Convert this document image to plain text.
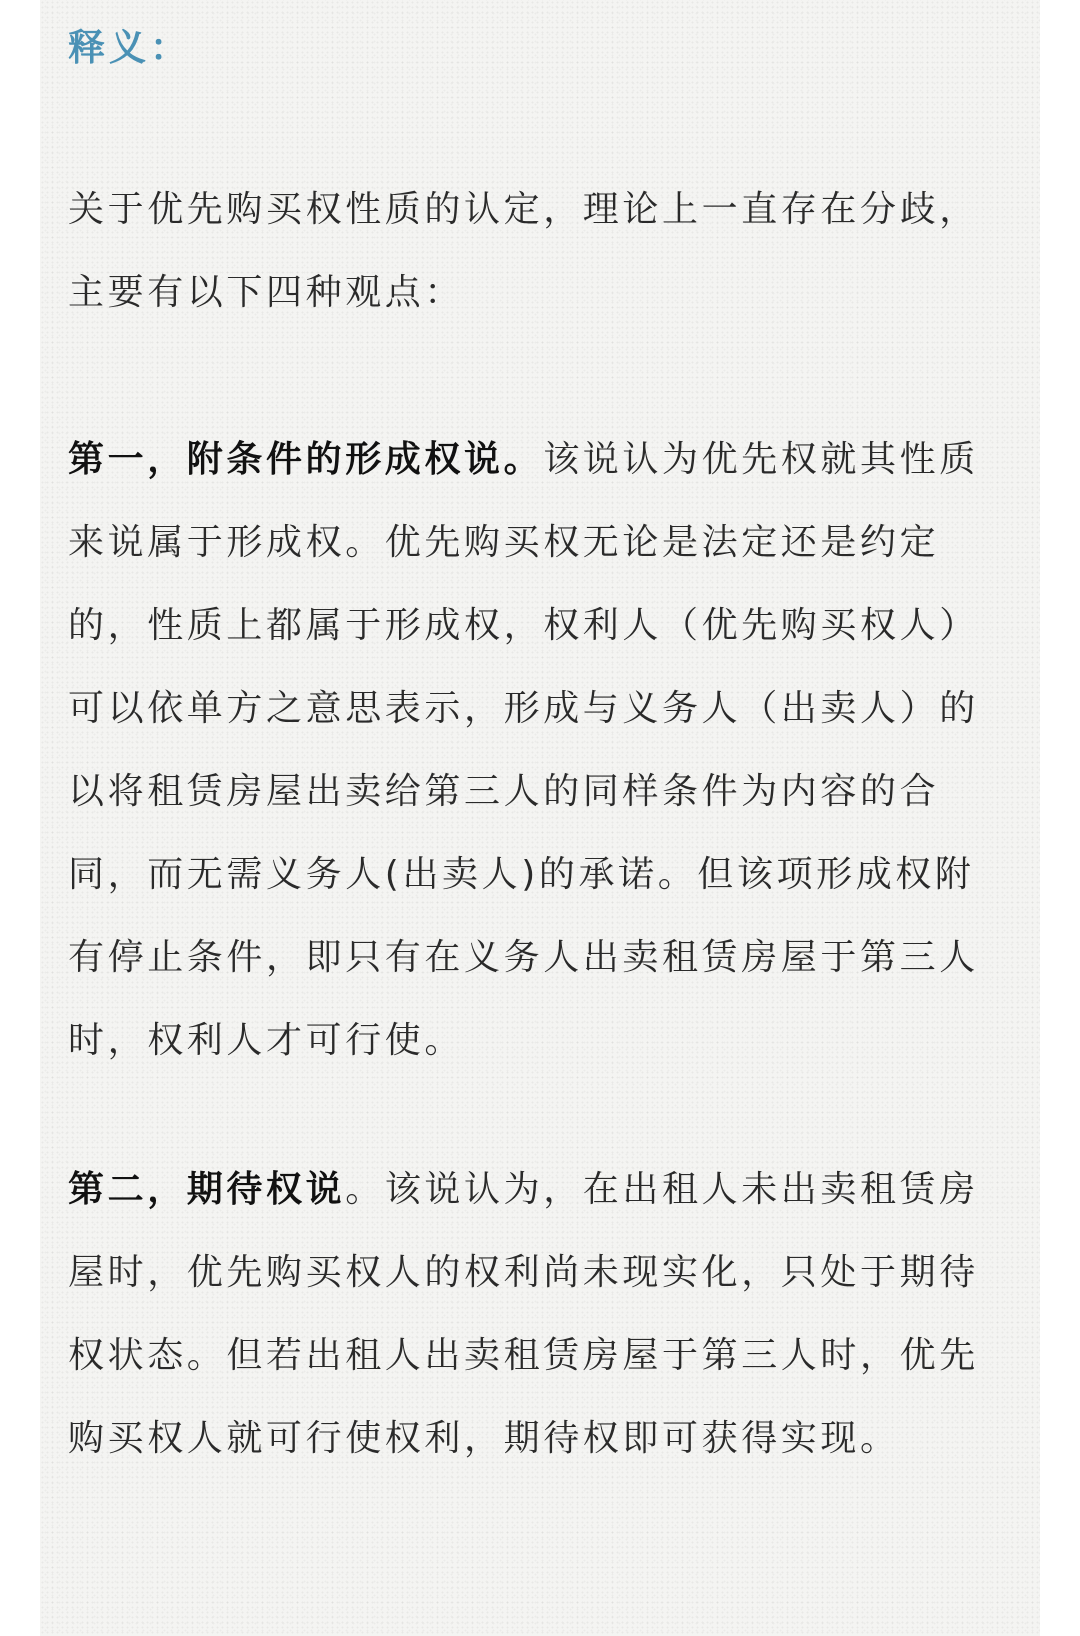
释义：

关于优先购买权性质的认定，理论上一直存在分歧，主要有以下四种观点：

第一，附条件的形成权说。该说认为优先权就其性质来说属于形成权。优先购买权无论是法定还是约定的，性质上都属于形成权，权利人（优先购买权人）可以依单方之意思表示，形成与义务人（出卖人）的以将租赁房屋出卖给第三人的同样条件为内容的合同，而无需义务人(出卖人)的承诺。但该项形成权附有停止条件，即只有在义务人出卖租赁房屋于第三人时，权利人才可行使。

第二，期待权说。该说认为，在出租人未出卖租赁房屋时，优先购买权人的权利尚未现实化，只处于期待权状态。但若出租人出卖租赁房屋于第三人时，优先购买权人就可行使权利，期待权即可获得实现。
